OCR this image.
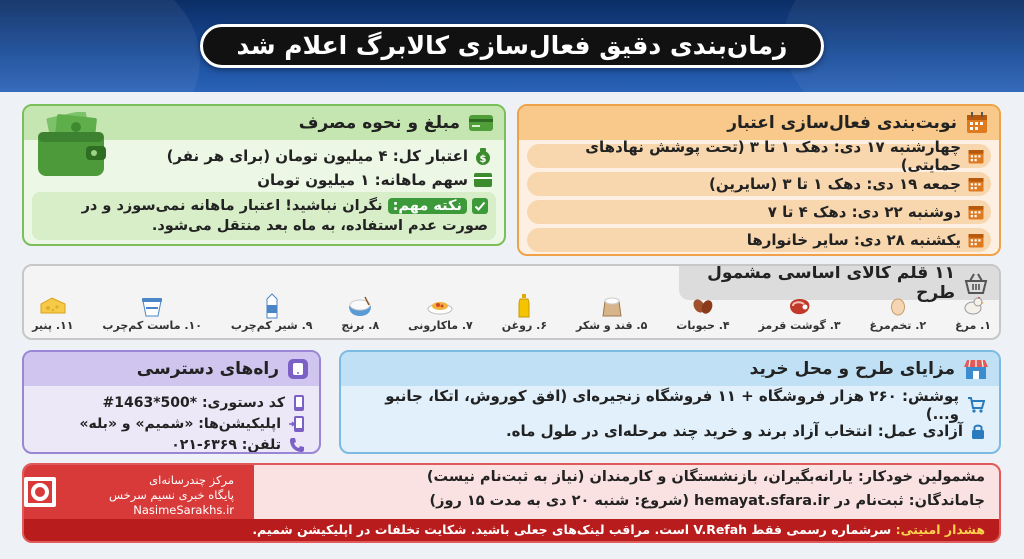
زمان‌بندی دقیق فعال‌سازی کالابرگ اعلام شد
نوبت‌بندی فعال‌سازی اعتبار
چهارشنبه ۱۷ دی: دهک ۱ تا ۳ (تحت پوشش نهادهای حمایتی)
جمعه ۱۹ دی: دهک ۱ تا ۳ (سایرین)
دوشنبه ۲۲ دی: دهک ۴ تا ۷
یکشنبه ۲۸ دی: سایر خانوارها
مبلغ و نحوه مصرف
$
اعتبار کل: ۴ میلیون تومان (برای هر نفر)
سهم ماهانه: ۱ میلیون تومان
نکته مهم: نگران نباشید! اعتبار ماهانه نمی‌سوزد و در صورت عدم استفاده، به ماه بعد منتقل می‌شود.
۱۱ قلم کالای اساسی مشمول طرح
۱. مرغ
۲. تخم‌مرغ
۳. گوشت قرمز
۴. حبوبات
۵. قند و شکر
۶. روغن
۷. ماکارونی
۸. برنج
۹. شیر کم‌چرب
۱۰. ماست کم‌چرب
۱۱. پنیر
راه‌های دسترسی
کد دستوری: *500*1463#
اپلیکیشن‌ها: «شمیم» و «بله»
تلفن: ۶۳۶۹-۰۲۱
مزایای طرح و محل خرید
پوشش: ۲۶۰ هزار فروشگاه + ۱۱ فروشگاه زنجیره‌ای (افق کوروش، اتکا، جانبو و...)
آزادی عمل: انتخاب آزاد برند و خرید چند مرحله‌ای در طول ماه.
مرکز چندرسانه‌ای
پایگاه خبری نسیم سرخس
NasimeSarakhs.ir
مشمولین خودکار: یارانه‌بگیران، بازنشستگان و کارمندان (نیاز به ثبت‌نام نیست)
جاماندگان: ثبت‌نام در hemayat.sfara.ir (شروع: شنبه ۲۰ دی به مدت ۱۵ روز)
هشدار امنیتی: سرشماره رسمی فقط V.Refah است. مراقب لینک‌های جعلی باشید. شکایت تخلفات در اپلیکیشن شمیم.
